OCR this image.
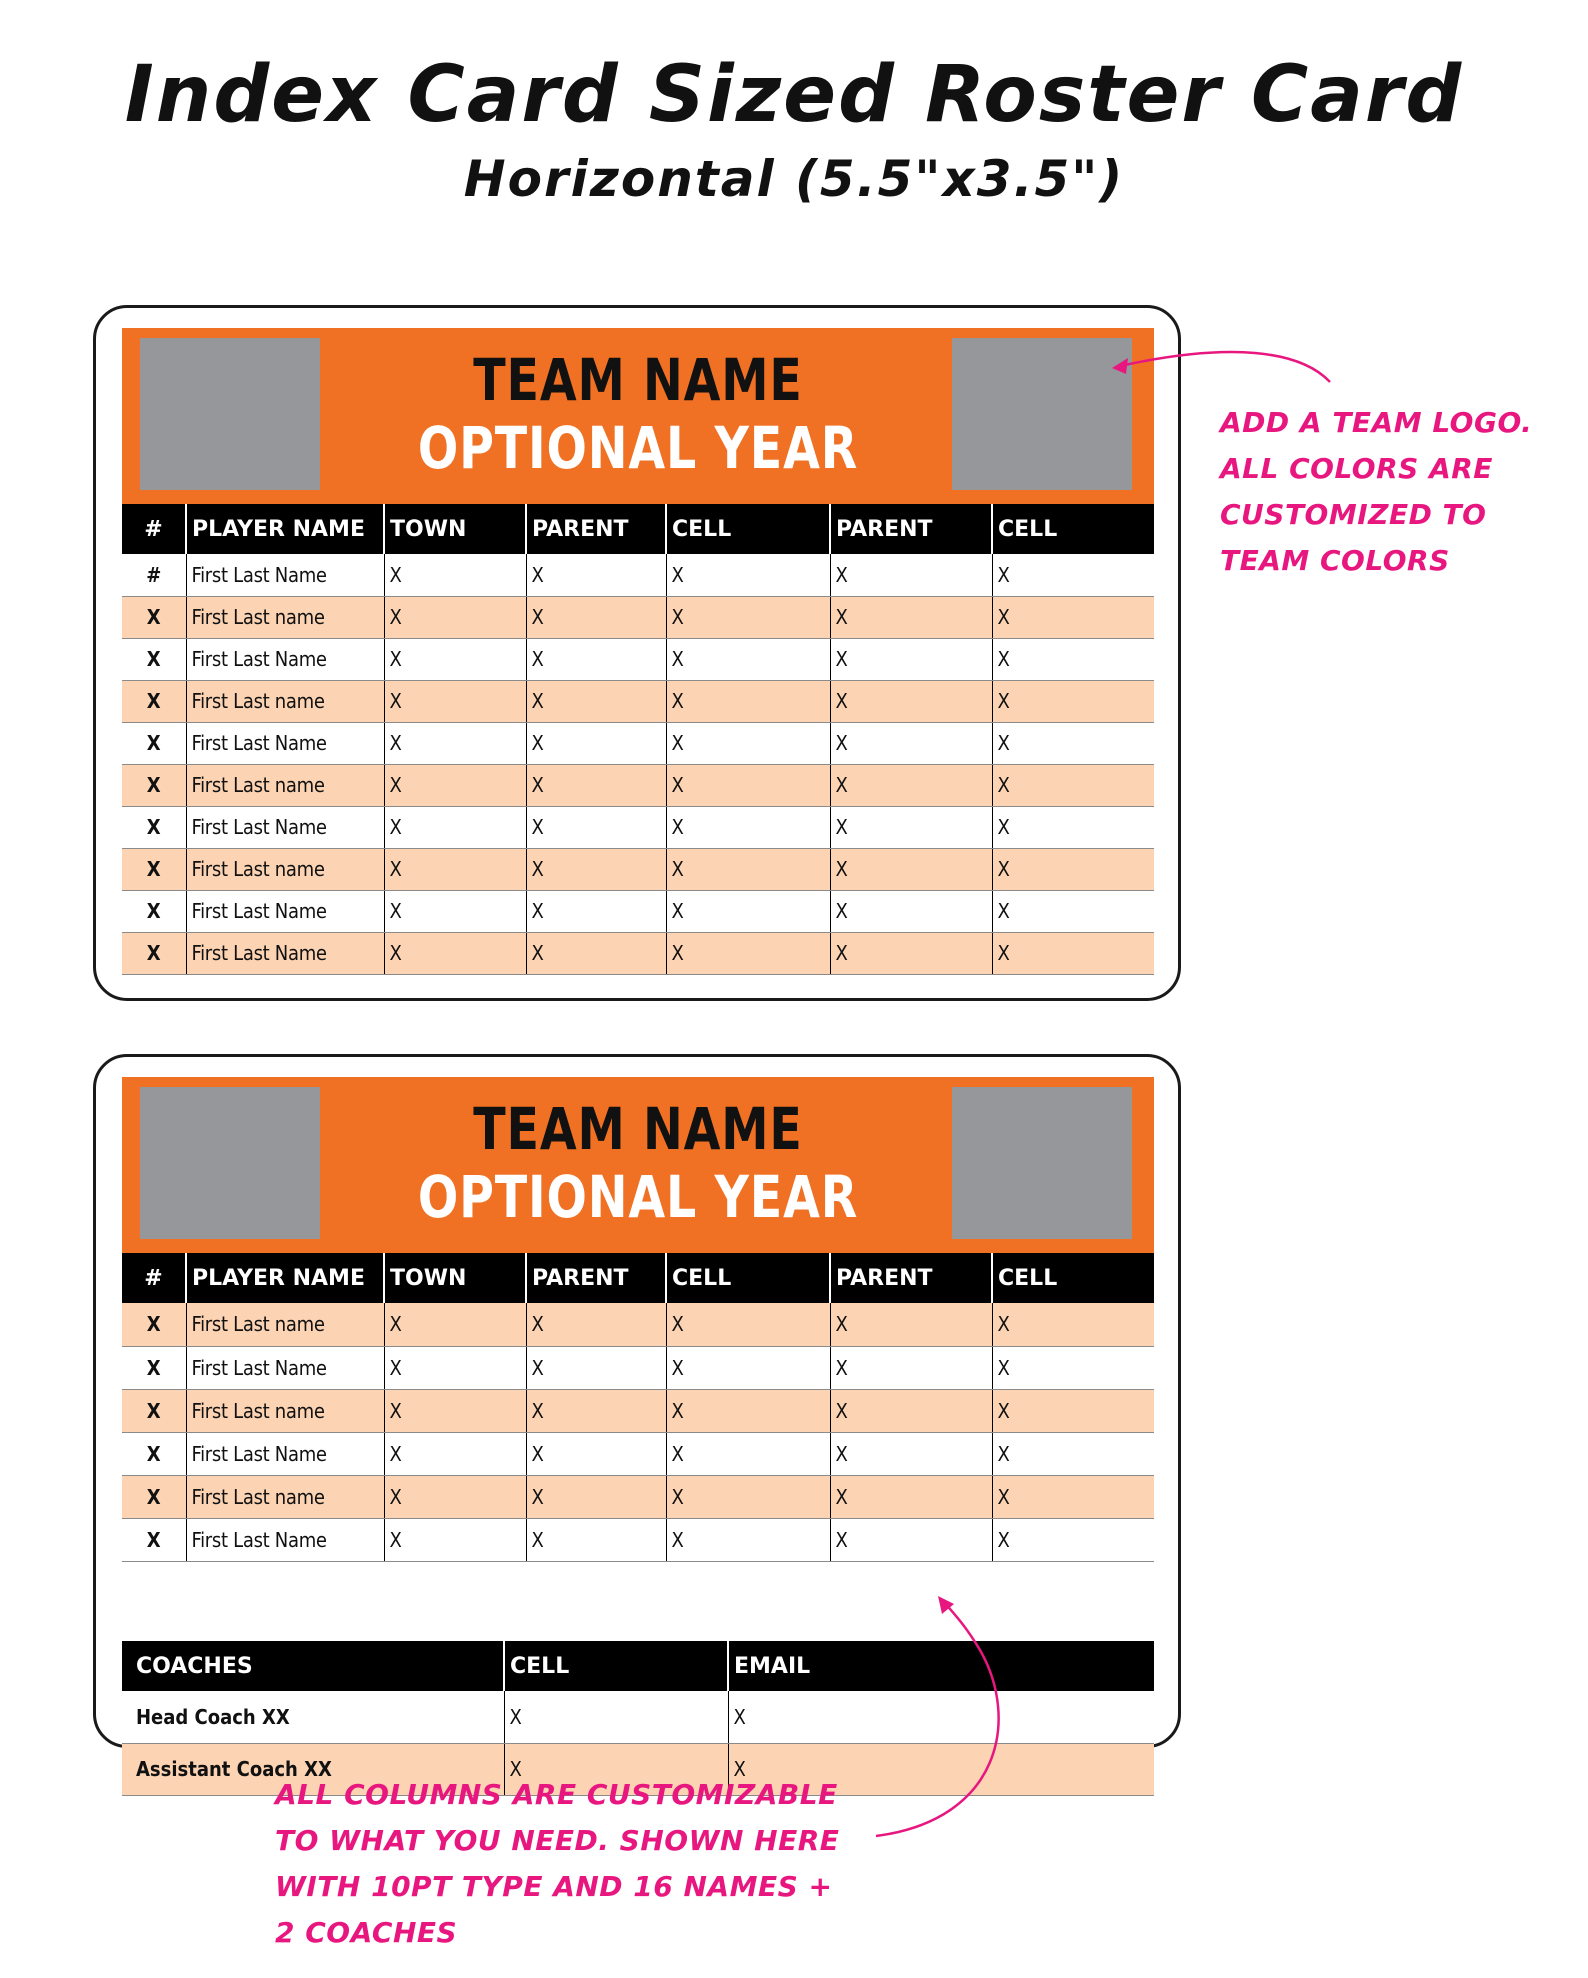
Index Card Sized Roster Card
Horizontal (5.5"x3.5")
TEAM NAME
OPTIONAL YEAR
#	PLAYER NAME	TOWN	PARENT	CELL	PARENT	CELL
#	First Last Name	X	X	X	X	X
X	First Last name	X	X	X	X	X
X	First Last Name	X	X	X	X	X
X	First Last name	X	X	X	X	X
X	First Last Name	X	X	X	X	X
X	First Last name	X	X	X	X	X
X	First Last Name	X	X	X	X	X
X	First Last name	X	X	X	X	X
X	First Last Name	X	X	X	X	X
X	First Last Name	X	X	X	X	X
TEAM NAME
OPTIONAL YEAR
#	PLAYER NAME	TOWN	PARENT	CELL	PARENT	CELL
X	First Last name	X	X	X	X	X
X	First Last Name	X	X	X	X	X
X	First Last name	X	X	X	X	X
X	First Last Name	X	X	X	X	X
X	First Last name	X	X	X	X	X
X	First Last Name	X	X	X	X	X
COACHES	CELL	EMAIL
Head Coach XX	X	X
Assistant Coach XX	X	X
ADD A TEAM LOGO.
ALL COLORS ARE
CUSTOMIZED TO
TEAM COLORS
ALL COLUMNS ARE CUSTOMIZABLE
TO WHAT YOU NEED. SHOWN HERE
WITH 10PT TYPE AND 16 NAMES +
2 COACHES
